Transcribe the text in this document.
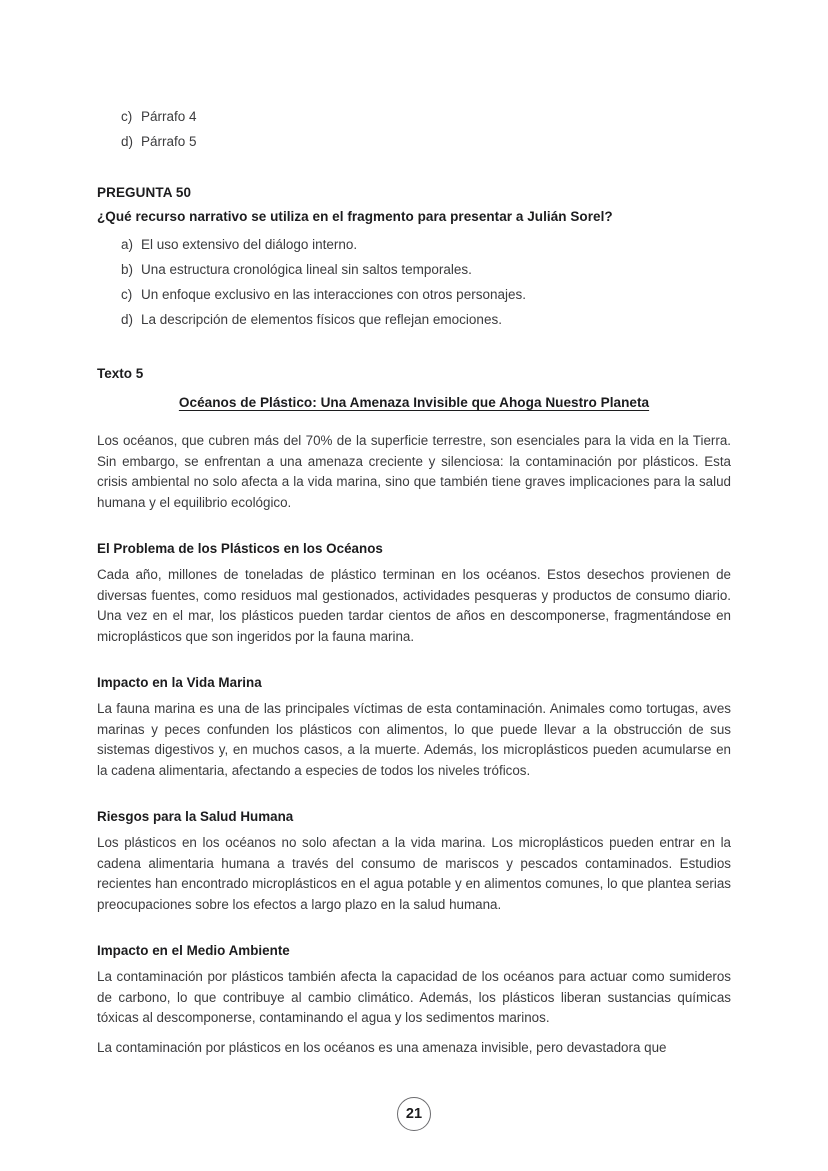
c) Párrafo 4
d) Párrafo 5
PREGUNTA 50
¿Qué recurso narrativo se utiliza en el fragmento para presentar a Julián Sorel?
a) El uso extensivo del diálogo interno.
b) Una estructura cronológica lineal sin saltos temporales.
c) Un enfoque exclusivo en las interacciones con otros personajes.
d) La descripción de elementos físicos que reflejan emociones.
Texto 5
Océanos de Plástico: Una Amenaza Invisible que Ahoga Nuestro Planeta
Los océanos, que cubren más del 70% de la superficie terrestre, son esenciales para la vida en la Tierra. Sin embargo, se enfrentan a una amenaza creciente y silenciosa: la contaminación por plásticos. Esta crisis ambiental no solo afecta a la vida marina, sino que también tiene graves implicaciones para la salud humana y el equilibrio ecológico.
El Problema de los Plásticos en los Océanos
Cada año, millones de toneladas de plástico terminan en los océanos. Estos desechos provienen de diversas fuentes, como residuos mal gestionados, actividades pesqueras y productos de consumo diario. Una vez en el mar, los plásticos pueden tardar cientos de años en descomponerse, fragmentándose en microplásticos que son ingeridos por la fauna marina.
Impacto en la Vida Marina
La fauna marina es una de las principales víctimas de esta contaminación. Animales como tortugas, aves marinas y peces confunden los plásticos con alimentos, lo que puede llevar a la obstrucción de sus sistemas digestivos y, en muchos casos, a la muerte. Además, los microplásticos pueden acumularse en la cadena alimentaria, afectando a especies de todos los niveles tróficos.
Riesgos para la Salud Humana
Los plásticos en los océanos no solo afectan a la vida marina. Los microplásticos pueden entrar en la cadena alimentaria humana a través del consumo de mariscos y pescados contaminados. Estudios recientes han encontrado microplásticos en el agua potable y en alimentos comunes, lo que plantea serias preocupaciones sobre los efectos a largo plazo en la salud humana.
Impacto en el Medio Ambiente
La contaminación por plásticos también afecta la capacidad de los océanos para actuar como sumideros de carbono, lo que contribuye al cambio climático. Además, los plásticos liberan sustancias químicas tóxicas al descomponerse, contaminando el agua y los sedimentos marinos.
La contaminación por plásticos en los océanos es una amenaza invisible, pero devastadora que
21
